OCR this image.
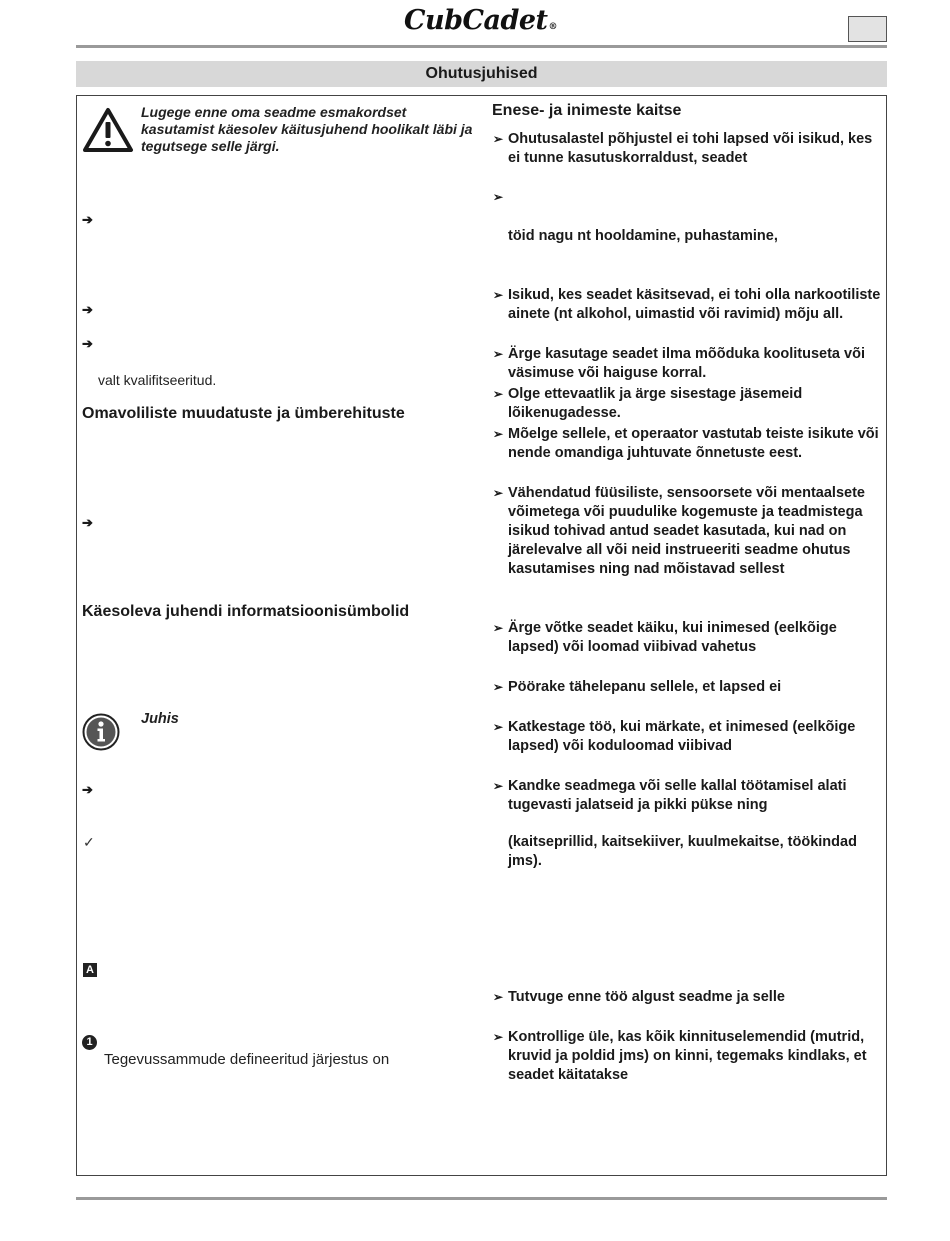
CubCadet®
Ohutusjuhised
Lugege enne oma seadme esmakordset kasutamist käesolev käitusjuhend hoolikalt läbi ja tegutsege selle järgi.
➔
➔
➔
valt kvalifitseeritud.
Omavoliliste muudatuste ja ümberehituste
➔
Käesoleva juhendi informatsioonisümbolid
Juhis
➔
✓
A
1
Tegevussammude defineeritud järjestus on
Enese- ja inimeste kaitse
➢ Ohutusalastel põhjustel ei tohi lapsed või isikud, kes ei tunne kasutuskorraldust, seadet
➢
töid nagu nt hooldamine, puhastamine,
➢ Isikud, kes seadet käsitsevad, ei tohi olla narkootiliste ainete (nt alkohol, uimastid või ravimid) mõju all.
➢ Ärge kasutage seadet ilma mõõduka koolituseta või väsimuse või haiguse korral.
➢ Olge ettevaatlik ja ärge sisestage jäsemeid lõikenugadesse.
➢ Mõelge sellele, et operaator vastutab teiste isikute või nende omandiga juhtuvate õnnetuste eest.
➢ Vähendatud füüsiliste, sensoorsete või mentaalsete võimetega või puudulike kogemuste ja teadmistega isikud tohivad antud seadet kasutada, kui nad on järelevalve all või neid instrueeriti seadme ohutus kasutamises ning nad mõistavad sellest
➢ Ärge võtke seadet käiku, kui inimesed (eelkõige lapsed) või loomad viibivad vahetus
➢ Pöörake tähelepanu sellele, et lapsed ei
➢ Katkestage töö, kui märkate, et inimesed (eelkõige lapsed) või koduloomad viibivad
➢ Kandke seadmega või selle kallal töötamisel alati tugevasti jalatseid ja pikki pükse ning
(kaitseprillid, kaitsekiiver, kuulmekaitse, töökindad jms).
➢ Tutvuge enne töö algust seadme ja selle
➢ Kontrollige üle, kas kõik kinnituselemendid (mutrid, kruvid ja poldid jms) on kinni, tegemaks kindlaks, et seadet käitatakse
